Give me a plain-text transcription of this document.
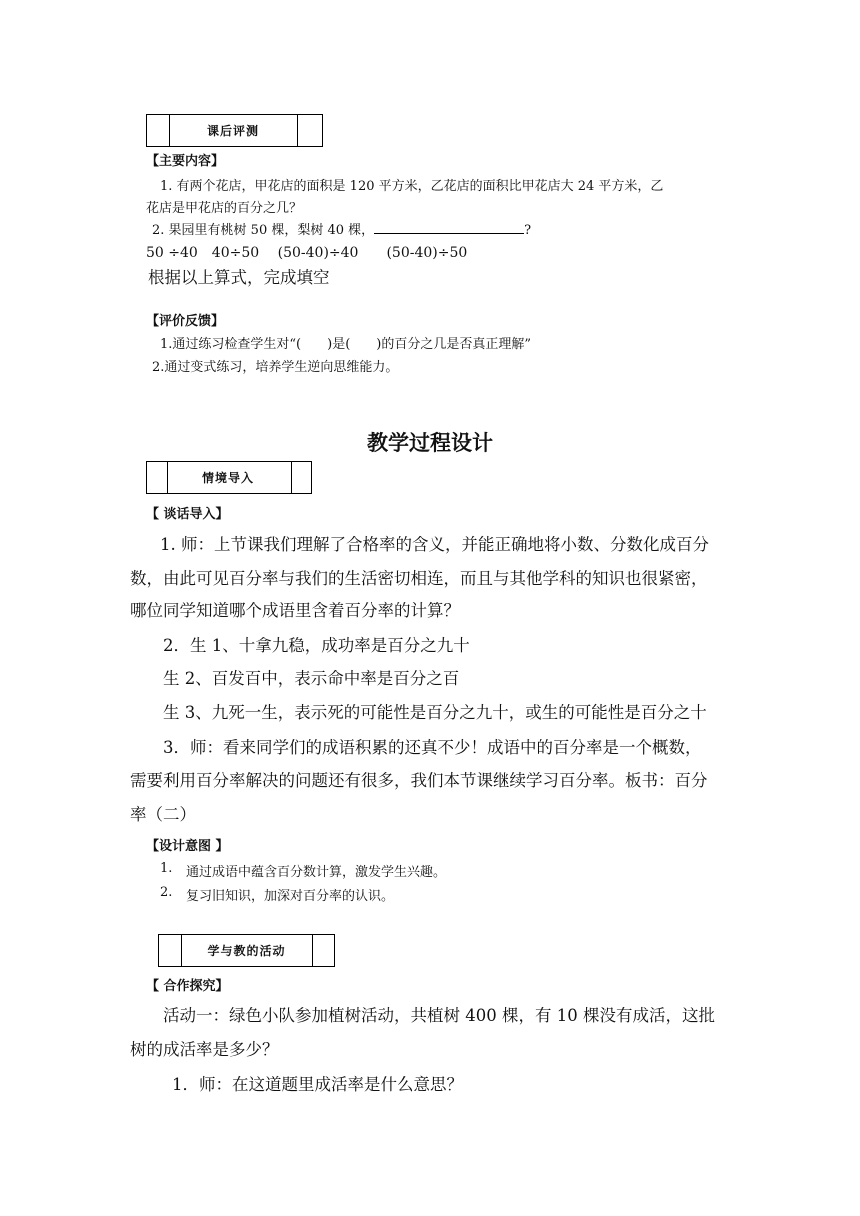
课后评测
【主要内容】
1. 有两个花店，甲花店的面积是 120 平方米，乙花店的面积比甲花店大 24 平方米，乙
花店是甲花店的百分之几？
2. 果园里有桃树 50 棵，梨树 40 棵，	?
50 ÷40　40÷50　 (50-40)÷40　　(50-40)÷50
根据以上算式，完成填空
【评价反馈】
1.通过练习检查学生对“(　　)是(　　)的百分之几是否真正理解”
2.通过变式练习，培养学生逆向思维能力。
教学过程设计
情境导入
【 谈话导入】
1. 师：上节课我们理解了合格率的含义，并能正确地将小数、分数化成百分
数，由此可见百分率与我们的生活密切相连，而且与其他学科的知识也很紧密，
哪位同学知道哪个成语里含着百分率的计算？
2．生 1、十拿九稳，成功率是百分之九十
生 2、百发百中，表示命中率是百分之百
生 3、九死一生，表示死的可能性是百分之九十，或生的可能性是百分之十
3．师：看来同学们的成语积累的还真不少！成语中的百分率是一个概数，
需要利用百分率解决的问题还有很多，我们本节课继续学习百分率。板书：百分
率（二）
【设计意图 】
1. 通过成语中蕴含百分数计算，激发学生兴趣。
2. 复习旧知识，加深对百分率的认识。
学与教的活动
【 合作探究】
活动一：绿色小队参加植树活动，共植树 400 棵，有 10 棵没有成活，这批
树的成活率是多少？
1．师：在这道题里成活率是什么意思？
